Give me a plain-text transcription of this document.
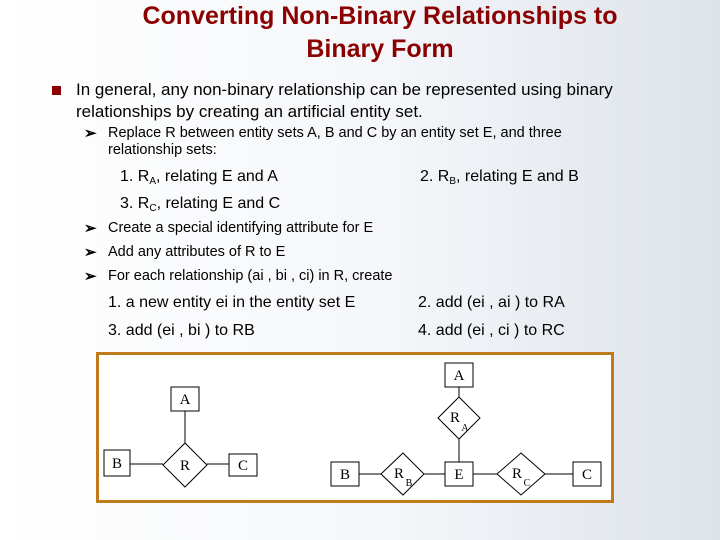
Converting Non-Binary Relationships to
Binary Form
In general, any non-binary relationship can be represented using binary
relationships by creating an artificial entity set.
➢ Replace R between entity sets A, B and C by an entity set E, and three
relationship sets:
1. $R_A$, relating E and A	2. $R_B$, relating E and B
3. $R_C$, relating E and C
➢ Create a special identifying attribute for E
➢ Add any attributes of R to E
➢ For each relationship (ai , bi , ci) in R, create
1. a new entity ei in the entity set E	2. add (ei , ai ) to RA
3. add (ei , bi ) to RB	4. add (ei , ci ) to RC
A
B	C
R
A
B	E	C
R
A
R
B
R
C
